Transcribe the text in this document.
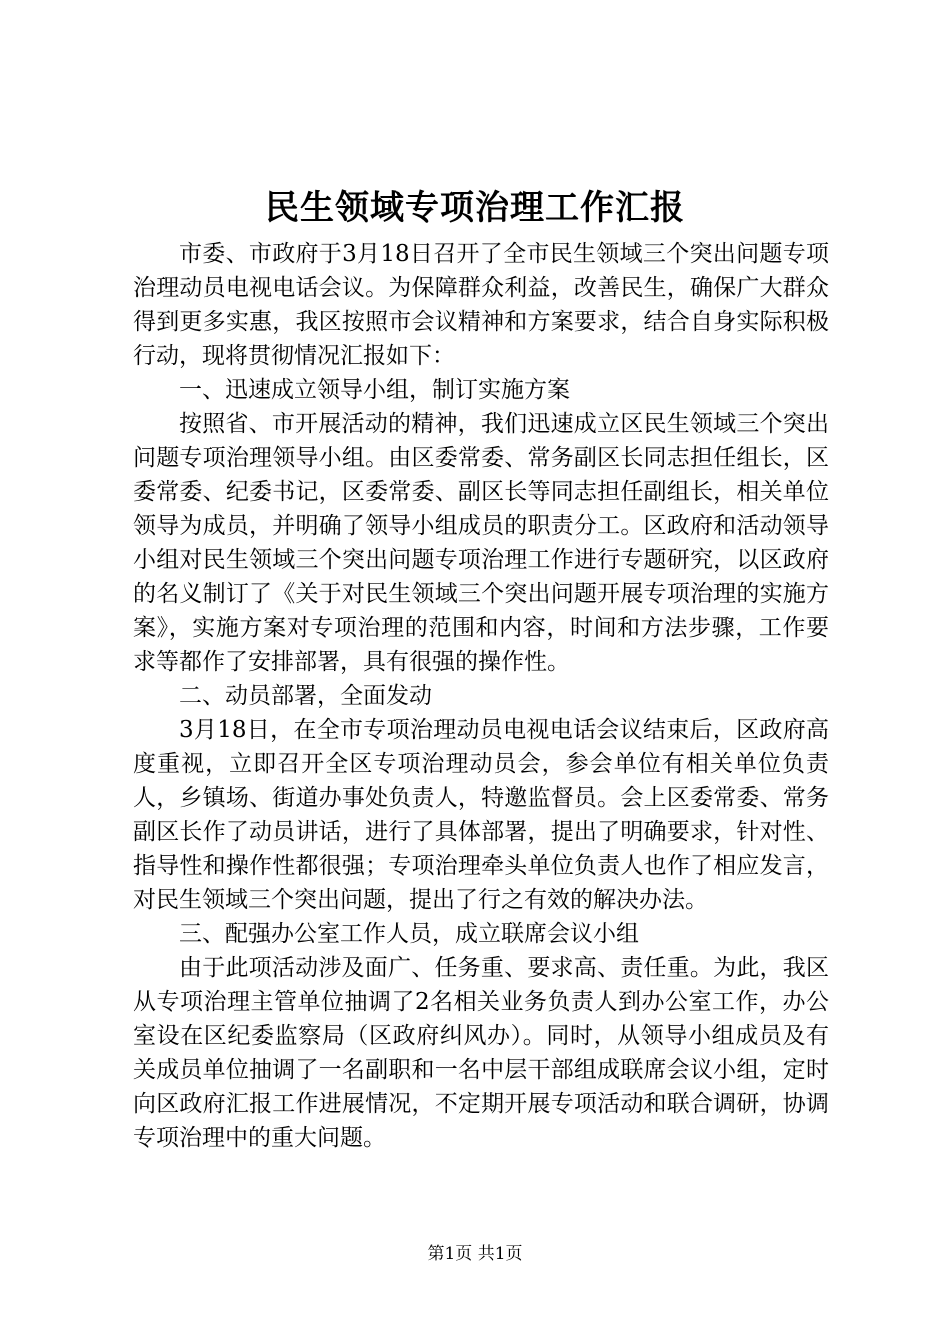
民生领域专项治理工作汇报

市委、市政府于3月18日召开了全市民生领域三个突出问题专项治理动员电视电话会议。为保障群众利益，改善民生，确保广大群众得到更多实惠，我区按照市会议精神和方案要求，结合自身实际积极行动，现将贯彻情况汇报如下：

一、迅速成立领导小组，制订实施方案

按照省、市开展活动的精神，我们迅速成立区民生领域三个突出问题专项治理领导小组。由区委常委、常务副区长同志担任组长，区委常委、纪委书记，区委常委、副区长等同志担任副组长，相关单位领导为成员，并明确了领导小组成员的职责分工。区政府和活动领导小组对民生领域三个突出问题专项治理工作进行专题研究，以区政府的名义制订了《关于对民生领域三个突出问题开展专项治理的实施方案》，实施方案对专项治理的范围和内容，时间和方法步骤，工作要求等都作了安排部署，具有很强的操作性。

二、动员部署，全面发动

3月18日，在全市专项治理动员电视电话会议结束后，区政府高度重视，立即召开全区专项治理动员会，参会单位有相关单位负责人，乡镇场、街道办事处负责人，特邀监督员。会上区委常委、常务副区长作了动员讲话，进行了具体部署，提出了明确要求，针对性、指导性和操作性都很强；专项治理牵头单位负责人也作了相应发言，对民生领域三个突出问题，提出了行之有效的解决办法。

三、配强办公室工作人员，成立联席会议小组

由于此项活动涉及面广、任务重、要求高、责任重。为此，我区从专项治理主管单位抽调了2名相关业务负责人到办公室工作，办公室设在区纪委监察局（区政府纠风办）。同时，从领导小组成员及有关成员单位抽调了一名副职和一名中层干部组成联席会议小组，定时向区政府汇报工作进展情况，不定期开展专项活动和联合调研，协调专项治理中的重大问题。

第1页 共1页
